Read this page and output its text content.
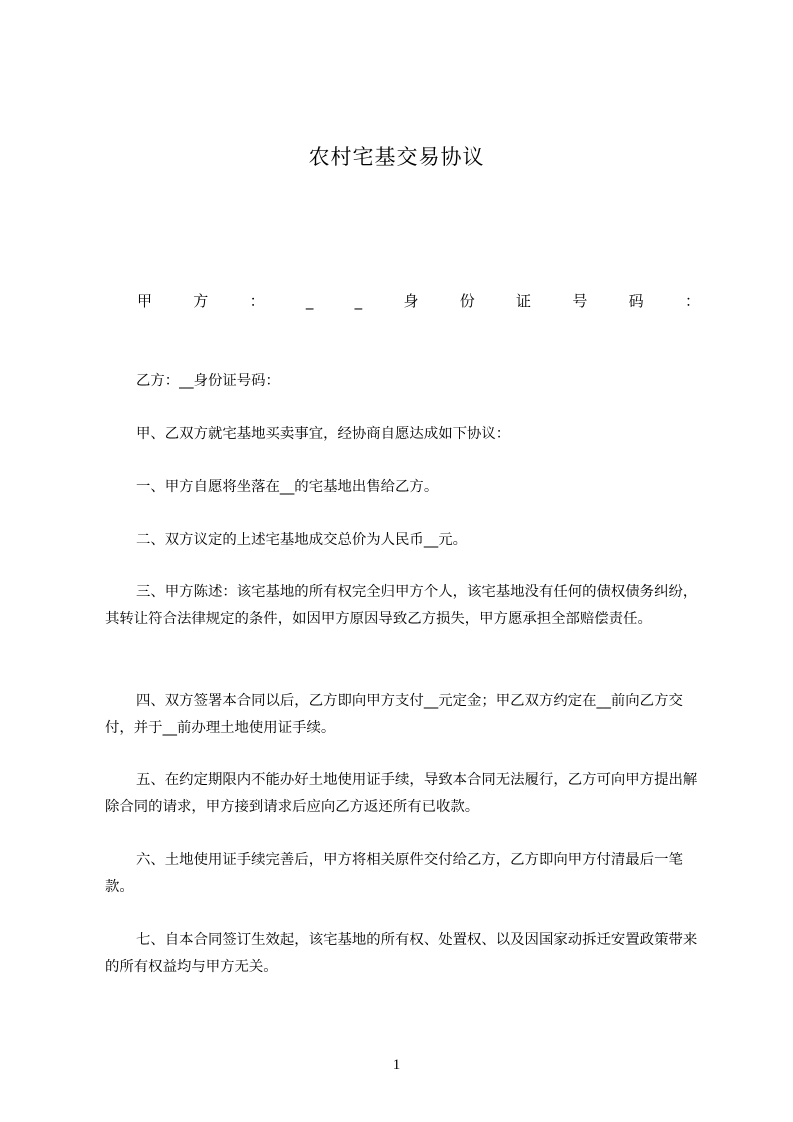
农村宅基交易协议
甲	方	：	_	_	身	份	证	号	码	：

乙方：__身份证号码：

甲、乙双方就宅基地买卖事宜，经协商自愿达成如下协议：

一、甲方自愿将坐落在__的宅基地出售给乙方。

二、双方议定的上述宅基地成交总价为人民币__元。

三、甲方陈述：该宅基地的所有权完全归甲方个人，该宅基地没有任何的债权债务纠纷，其转让符合法律规定的条件，如因甲方原因导致乙方损失，甲方愿承担全部赔偿责任。

四、双方签署本合同以后，乙方即向甲方支付__元定金；甲乙双方约定在__前向乙方交付，并于__前办理土地使用证手续。

五、在约定期限内不能办好土地使用证手续，导致本合同无法履行，乙方可向甲方提出解除合同的请求，甲方接到请求后应向乙方返还所有已收款。

六、土地使用证手续完善后，甲方将相关原件交付给乙方，乙方即向甲方付清最后一笔款。

七、自本合同签订生效起，该宅基地的所有权、处置权、以及因国家动拆迁安置政策带来的所有权益均与甲方无关。

1
